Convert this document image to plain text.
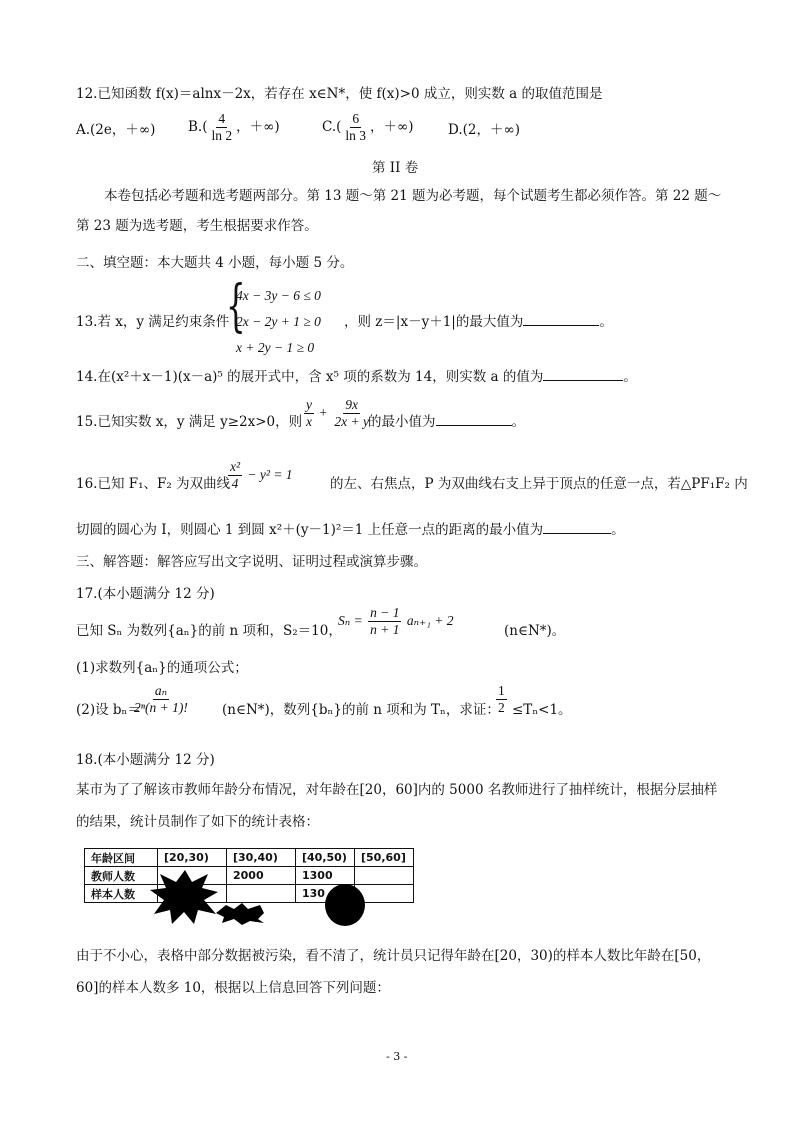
12.已知函数 f(x)＝alnx－2x，若存在 x∈N*，使 f(x)>0 成立，则实数 a 的取值范围是
A.(2e，＋∞) $B.( \frac{4}{\ln 2}$ ，＋∞)	$C.( \frac{6}{\ln 3}$ ，＋∞)	D.(2，＋∞)
第 II 卷
本卷包括必考题和选考题两部分。第 13 题～第 21 题为必考题，每个试题考生都必须作答。第 22 题～
第 23 题为选考题，考生根据要求作答。
二、填空题：本大题共 4 小题，每小题 5 分。
13.若 x，y 满足约束条件
{
4x − 3y − 6 ≤ 0
2x − 2y + 1 ≥ 0
x + 2y − 1 ≥ 0
，则 z＝|x－y＋1|的最大值为	。
14.在(x²＋x－1)(x－a)⁵ 的展开式中，含 x⁵ 项的系数为 14，则实数 a 的值为	。
15.已知实数 x，y 满足 y≥2x>0，则 $\frac{y}{x} + \frac{9x}{2x + y}$
的最小值为	。
16.已知 F₁、F₂ 为双曲线
$\frac{\text{x²}}{4} - y^2 = 1$
的左、右焦点，P 为双曲线右支上异于顶点的任意一点，若△PF₁F₂ 内
切圆的圆心为 I，则圆心 1 到圆 x²＋(y－1)²＝1 上任意一点的距离的最小值为	。
三、解答题：解答应写出文字说明、证明过程或演算步骤。
17.(本小题满分 12 分)
已知 Sₙ 为数列{aₙ}的前 n 项和，S₂＝10，
$S_n = \frac{n - 1}{n + 1} a_{n+1} + 2$
(n∈N*)。
(1)求数列{aₙ}的通项公式；
(2)设 bₙ＝
$\frac{\text{aₙ}}{\text{2ⁿ(n + 1)!}}$ (n∈N*)，数列{bₙ}的前 n 项和为 Tₙ，求证：
$\frac{1}{2} \le T_n<1$。
18.(本小题满分 12 分)
某市为了了解该市教师年龄分布情况，对年龄在[20，60]内的 5000 名教师进行了抽样统计，根据分层抽样
的结果，统计员制作了如下的统计表格：
年龄区间	[20,30)	[30,40)	[40,50)	[50,60]
教师人数		2000	1300	
样本人数			130	
由于不小心，表格中部分数据被污染，看不清了，统计员只记得年龄在[20，30)的样本人数比年龄在[50，
60]的样本人数多 10，根据以上信息回答下列问题：
- 3 -
